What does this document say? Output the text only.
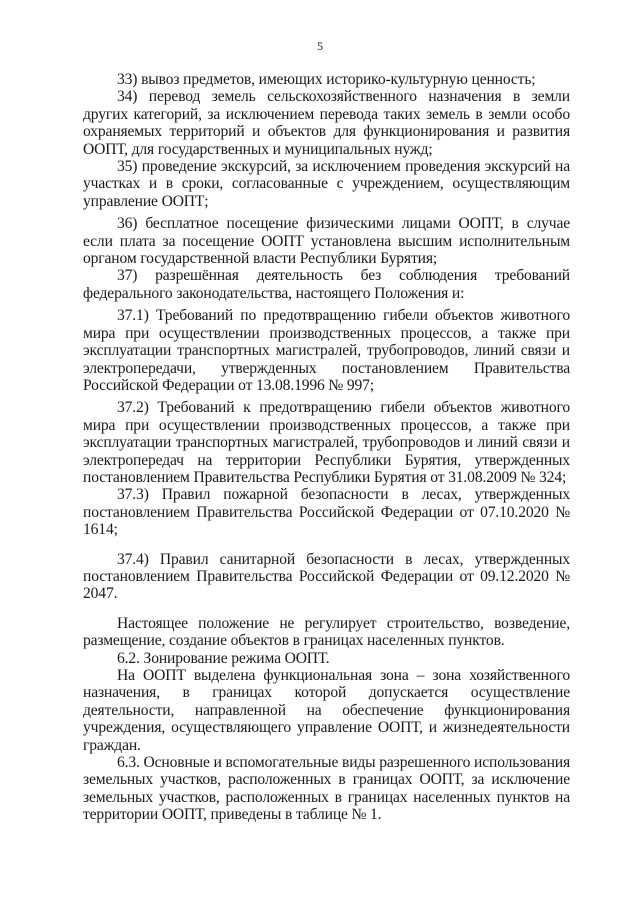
5

33) вывоз предметов, имеющих историко-культурную ценность;

34) перевод земель сельскохозяйственного назначения в земли других категорий, за исключением перевода таких земель в земли особо охраняемых территорий и объектов для функционирования и развития ООПТ, для государственных и муниципальных нужд;

35) проведение экскурсий, за исключением проведения экскурсий на участках и в сроки, согласованные с учреждением, осуществляющим управление ООПТ;

36) бесплатное посещение физическими лицами ООПТ, в случае если плата за посещение ООПТ установлена высшим исполнительным органом государственной власти Республики Бурятия;

37) разрешённая деятельность без соблюдения требований федерального законодательства, настоящего Положения и:

37.1) Требований по предотвращению гибели объектов животного мира при осуществлении производственных процессов, а также при эксплуатации транспортных магистралей, трубопроводов, линий связи и электропередачи, утвержденных постановлением Правительства Российской Федерации от 13.08.1996 № 997;

37.2) Требований к предотвращению гибели объектов животного мира при осуществлении производственных процессов, а также при эксплуатации транспортных магистралей, трубопроводов и линий связи и электропередач на территории Республики Бурятия, утвержденных постановлением Правительства Республики Бурятия от 31.08.2009 № 324;

37.3) Правил пожарной безопасности в лесах, утвержденных постановлением Правительства Российской Федерации от 07.10.2020 № 1614;

37.4) Правил санитарной безопасности в лесах, утвержденных постановлением Правительства Российской Федерации от 09.12.2020 № 2047.

Настоящее положение не регулирует строительство, возведение, размещение, создание объектов в границах населенных пунктов.

6.2. Зонирование режима ООПТ.

На ООПТ выделена функциональная зона – зона хозяйственного назначения, в границах которой допускается осуществление деятельности, направленной на обеспечение функционирования учреждения, осуществляющего управление ООПТ, и жизнедеятельности граждан.

6.3. Основные и вспомогательные виды разрешенного использования земельных участков, расположенных в границах ООПТ, за исключение земельных участков, расположенных в границах населенных пунктов на территории ООПТ, приведены в таблице № 1.
